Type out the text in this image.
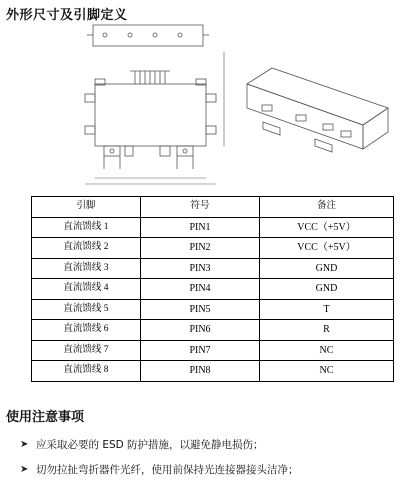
外形尺寸及引脚定义
引脚	符号	备注
直流馈线 1	PIN1	VCC（+5V）
直流馈线 2	PIN2	VCC（+5V）
直流馈线 3	PIN3	GND
直流馈线 4	PIN4	GND
直流馈线 5	PIN5	T
直流馈线 6	PIN6	R
直流馈线 7	PIN7	NC
直流馈线 8	PIN8	NC
使用注意事项
➤ 应采取必要的 ESD 防护措施，以避免静电损伤；
➤ 切勿拉扯弯折器件光纤，使用前保持光连接器接头洁净；
